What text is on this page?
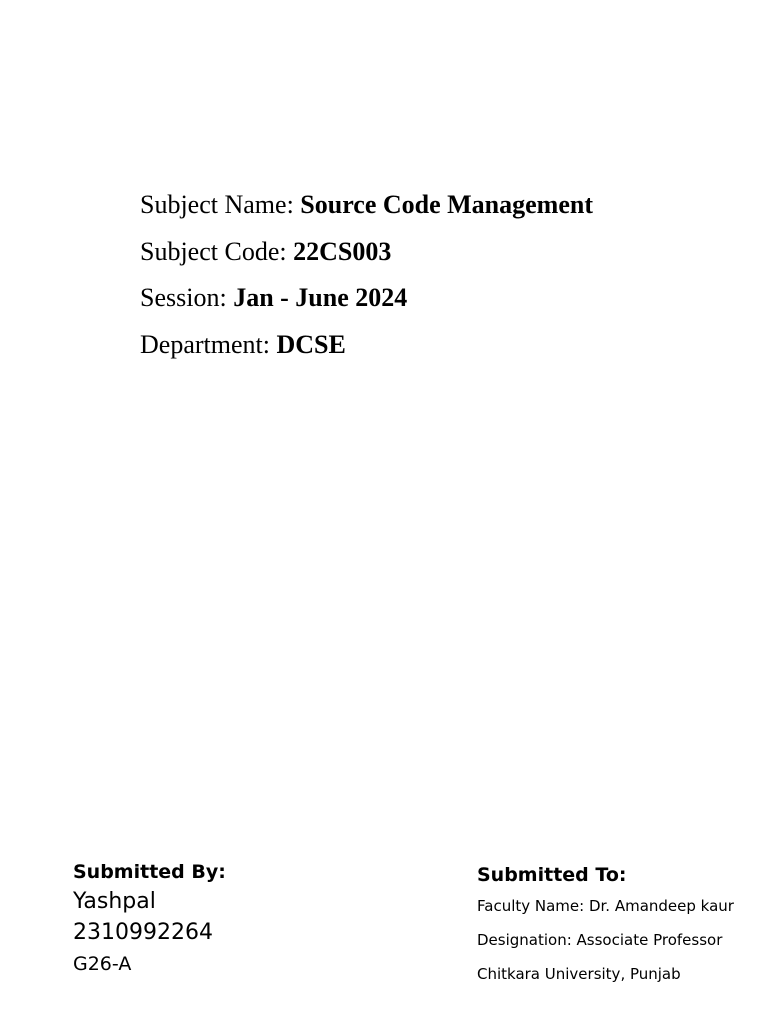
Subject Name: Source Code Management
Subject Code: 22CS003
Session: Jan - June 2024
Department: DCSE
Submitted By:
Yashpal
2310992264
G26-A
Submitted To:
Faculty Name: Dr. Amandeep kaur
Designation: Associate Professor
Chitkara University, Punjab
